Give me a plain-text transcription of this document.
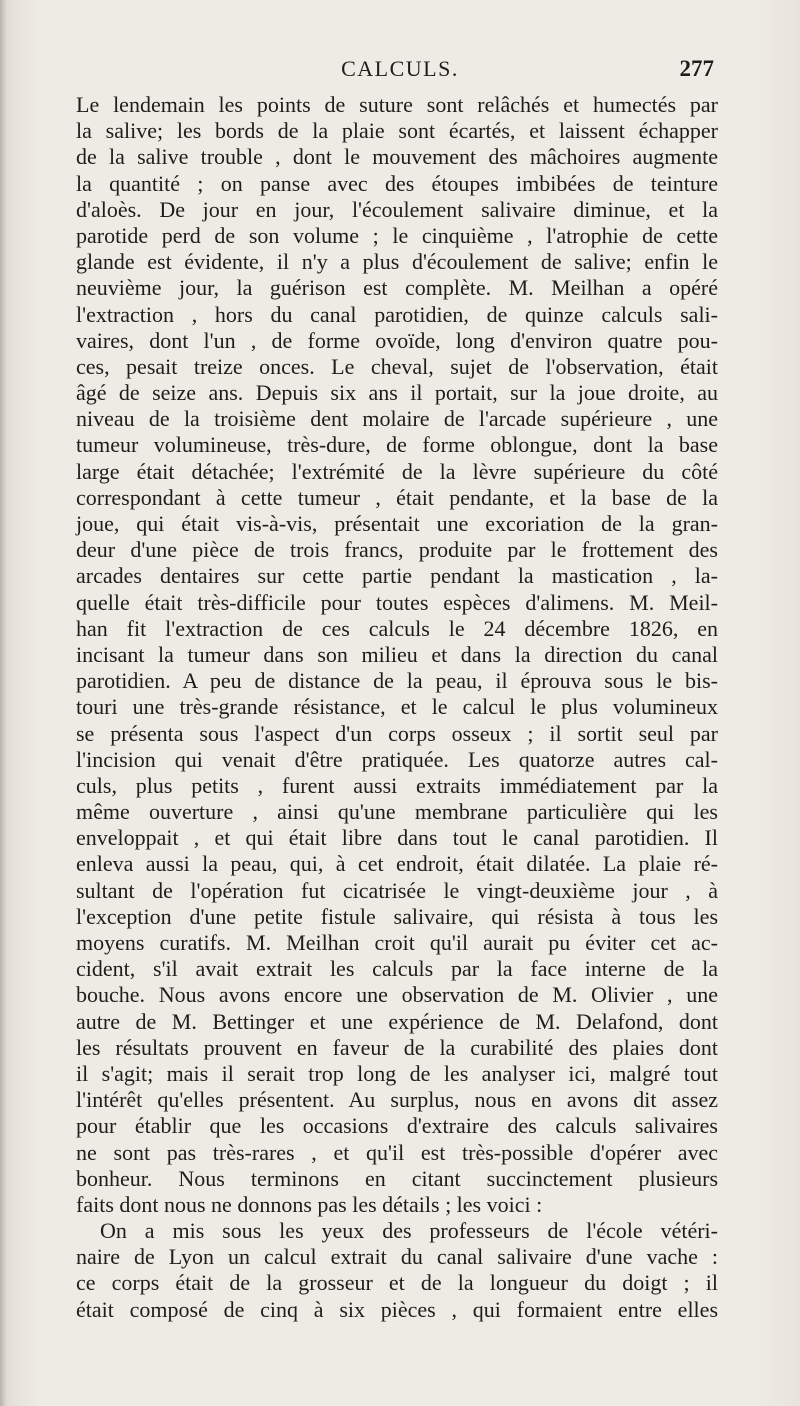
CALCULS.	277
Le lendemain les points de suture sont relâchés et humectés par
la salive; les bords de la plaie sont écartés, et laissent échapper
de la salive trouble , dont le mouvement des mâchoires augmente
la quantité ; on panse avec des étoupes imbibées de teinture
d'aloès. De jour en jour, l'écoulement salivaire diminue, et la
parotide perd de son volume ; le cinquième , l'atrophie de cette
glande est évidente, il n'y a plus d'écoulement de salive; enfin le
neuvième jour, la guérison est complète. M. Meilhan a opéré
l'extraction , hors du canal parotidien, de quinze calculs sali-
vaires, dont l'un , de forme ovoïde, long d'environ quatre pou-
ces, pesait treize onces. Le cheval, sujet de l'observation, était
âgé de seize ans. Depuis six ans il portait, sur la joue droite, au
niveau de la troisième dent molaire de l'arcade supérieure , une
tumeur volumineuse, très-dure, de forme oblongue, dont la base
large était détachée; l'extrémité de la lèvre supérieure du côté
correspondant à cette tumeur , était pendante, et la base de la
joue, qui était vis-à-vis, présentait une excoriation de la gran-
deur d'une pièce de trois francs, produite par le frottement des
arcades dentaires sur cette partie pendant la mastication , la-
quelle était très-difficile pour toutes espèces d'alimens. M. Meil-
han fit l'extraction de ces calculs le 24 décembre 1826, en
incisant la tumeur dans son milieu et dans la direction du canal
parotidien. A peu de distance de la peau, il éprouva sous le bis-
touri une très-grande résistance, et le calcul le plus volumineux
se présenta sous l'aspect d'un corps osseux ; il sortit seul par
l'incision qui venait d'être pratiquée. Les quatorze autres cal-
culs, plus petits , furent aussi extraits immédiatement par la
même ouverture , ainsi qu'une membrane particulière qui les
enveloppait , et qui était libre dans tout le canal parotidien. Il
enleva aussi la peau, qui, à cet endroit, était dilatée. La plaie ré-
sultant de l'opération fut cicatrisée le vingt-deuxième jour , à
l'exception d'une petite fistule salivaire, qui résista à tous les
moyens curatifs. M. Meilhan croit qu'il aurait pu éviter cet ac-
cident, s'il avait extrait les calculs par la face interne de la
bouche. Nous avons encore une observation de M. Olivier , une
autre de M. Bettinger et une expérience de M. Delafond, dont
les résultats prouvent en faveur de la curabilité des plaies dont
il s'agit; mais il serait trop long de les analyser ici, malgré tout
l'intérêt qu'elles présentent. Au surplus, nous en avons dit assez
pour établir que les occasions d'extraire des calculs salivaires
ne sont pas très-rares , et qu'il est très-possible d'opérer avec
bonheur. Nous terminons en citant succinctement plusieurs
faits dont nous ne donnons pas les détails ; les voici :
On a mis sous les yeux des professeurs de l'école vétéri-
naire de Lyon un calcul extrait du canal salivaire d'une vache :
ce corps était de la grosseur et de la longueur du doigt ; il
était composé de cinq à six pièces , qui formaient entre elles
